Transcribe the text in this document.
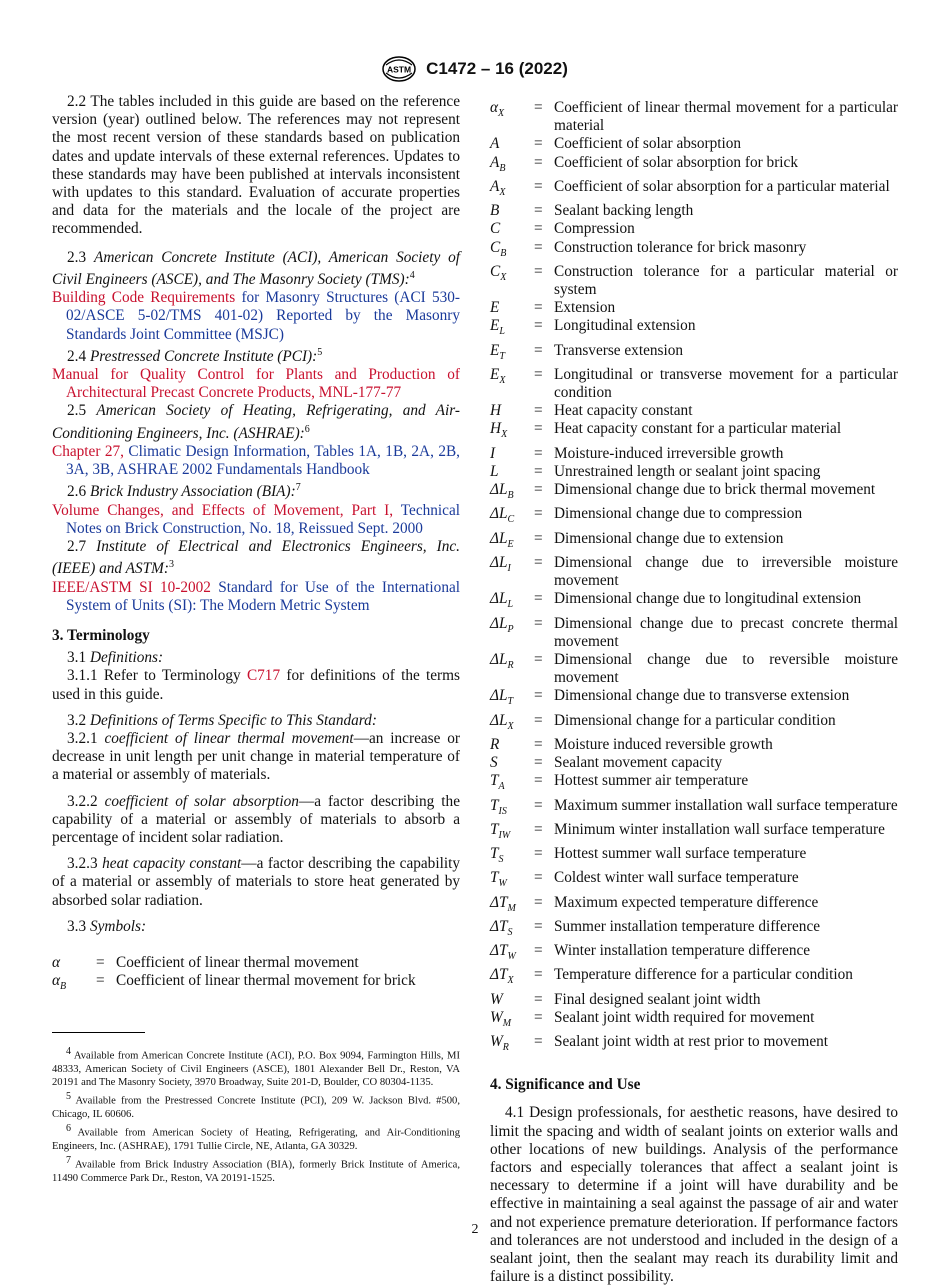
ASTM C1472 – 16 (2022)

2.2 The tables included in this guide are based on the reference version (year) outlined below. The references may not represent the most recent version of these standards based on publication dates and update intervals of these external references. Updates to these standards may have been published at intervals inconsistent with updates to this standard. Evaluation of accurate properties and data for the materials and the locale of the project are recommended.

2.3 American Concrete Institute (ACI), American Society of Civil Engineers (ASCE), and The Masonry Society (TMS):$^4$

Building Code Requirements for Masonry Structures (ACI 530-02/ASCE 5-02/TMS 401-02) Reported by the Masonry Standards Joint Committee (MSJC)

2.4 Prestressed Concrete Institute (PCI):$^5$

Manual for Quality Control for Plants and Production of Architectural Precast Concrete Products, MNL-177-77

2.5 American Society of Heating, Refrigerating, and Air-Conditioning Engineers, Inc. (ASHRAE):$^6$

Chapter 27, Climatic Design Information, Tables 1A, 1B, 2A, 2B, 3A, 3B, ASHRAE 2002 Fundamentals Handbook

2.6 Brick Industry Association (BIA):$^7$

Volume Changes, and Effects of Movement, Part I, Technical Notes on Brick Construction, No. 18, Reissued Sept. 2000

2.7 Institute of Electrical and Electronics Engineers, Inc. (IEEE) and ASTM:$^3$

IEEE/ASTM SI 10-2002 Standard for Use of the International System of Units (SI): The Modern Metric System

3. Terminology

3.1 Definitions:

3.1.1 Refer to Terminology C717 for definitions of the terms used in this guide.

3.2 Definitions of Terms Specific to This Standard:

3.2.1 coefficient of linear thermal movement—an increase or decrease in unit length per unit change in material temperature of a material or assembly of materials.

3.2.2 coefficient of solar absorption—a factor describing the capability of a material or assembly of materials to absorb a percentage of incident solar radiation.

3.2.3 heat capacity constant—a factor describing the capability of a material or assembly of materials to store heat generated by absorbed solar radiation.

3.3 Symbols:

α	= Coefficient of linear thermal movement
$\alpha_B$	= Coefficient of linear thermal movement for brick
$\alpha_X$	= Coefficient of linear thermal movement for a particular material
A	= Coefficient of solar absorption
$A_B$	= Coefficient of solar absorption for brick
$A_X$	= Coefficient of solar absorption for a particular material
B	= Sealant backing length
C	= Compression
$C_B$	= Construction tolerance for brick masonry
$C_X$	= Construction tolerance for a particular material or system
E	= Extension
$E_L$	= Longitudinal extension
$E_T$	= Transverse extension
$E_X$	= Longitudinal or transverse movement for a particular condition
H	= Heat capacity constant
$H_X$	= Heat capacity constant for a particular material
I	= Moisture-induced irreversible growth
L	= Unrestrained length or sealant joint spacing
$\Delta L_B$	= Dimensional change due to brick thermal movement
$\Delta L_C$	= Dimensional change due to compression
$\Delta L_E$	= Dimensional change due to extension
$\Delta L_I$	= Dimensional change due to irreversible moisture movement
$\Delta L_L$	= Dimensional change due to longitudinal extension
$\Delta L_P$	= Dimensional change due to precast concrete thermal movement
$\Delta L_R$	= Dimensional change due to reversible moisture movement
$\Delta L_T$	= Dimensional change due to transverse extension
$\Delta L_X$	= Dimensional change for a particular condition
R	= Moisture induced reversible growth
S	= Sealant movement capacity
$T_A$	= Hottest summer air temperature
$T_{IS}$	= Maximum summer installation wall surface temperature
$T_{IW}$	= Minimum winter installation wall surface temperature
$T_S$	= Hottest summer wall surface temperature
$T_W$	= Coldest winter wall surface temperature
$\Delta T_M$	= Maximum expected temperature difference
$\Delta T_S$	= Summer installation temperature difference
$\Delta T_W$	= Winter installation temperature difference
$\Delta T_X$	= Temperature difference for a particular condition
W	= Final designed sealant joint width
$W_M$	= Sealant joint width required for movement
$W_R$	= Sealant joint width at rest prior to movement
4. Significance and Use

4.1 Design professionals, for aesthetic reasons, have desired to limit the spacing and width of sealant joints on exterior walls and other locations of new buildings. Analysis of the performance factors and especially tolerances that affect a sealant joint is necessary to determine if a joint will have durability and be effective in maintaining a seal against the passage of air and water and not experience premature deterioration. If performance factors and tolerances are not understood and included in the design of a sealant joint, then the sealant may reach its durability limit and failure is a distinct possibility.

$^4$ Available from American Concrete Institute (ACI), P.O. Box 9094, Farmington Hills, MI 48333, American Society of Civil Engineers (ASCE), 1801 Alexander Bell Dr., Reston, VA 20191 and The Masonry Society, 3970 Broadway, Suite 201-D, Boulder, CO 80304-1135.

$^5$ Available from the Prestressed Concrete Institute (PCI), 209 W. Jackson Blvd. #500, Chicago, IL 60606.

$^6$ Available from American Society of Heating, Refrigerating, and Air-Conditioning Engineers, Inc. (ASHRAE), 1791 Tullie Circle, NE, Atlanta, GA 30329.

$^7$ Available from Brick Industry Association (BIA), formerly Brick Institute of America, 11490 Commerce Park Dr., Reston, VA 20191-1525.

2
